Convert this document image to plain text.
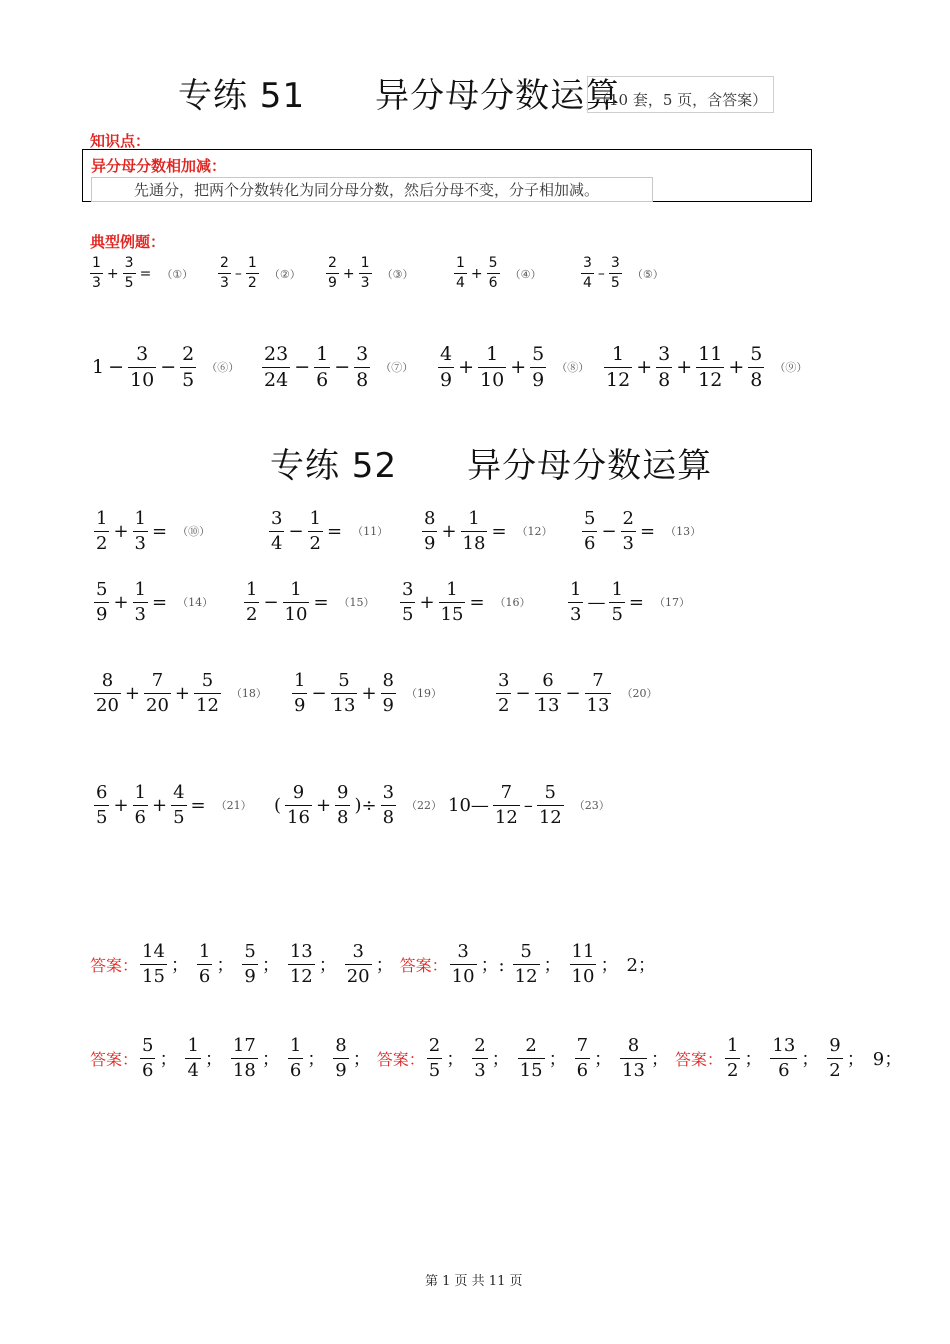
专练 51　　异分母分数运算
（10 套，5 页，含答案）
知识点：
异分母分数相加减：
先通分，把两个分数转化为同分母分数，然后分母不变，分子相加减。
典型例题：
$\frac{1}{3} + \frac{3}{5}$ = （①） $\frac{2}{3} - \frac{1}{2}$ （②） $\frac{2}{9} + \frac{1}{3}$ （③）	$\frac{1}{4} + \frac{5}{6}$ （④）	$\frac{3}{4} - \frac{3}{5}$ （⑤）
$1 - \frac{3}{10} - \frac{2}{5}$ （⑥） $\frac{23}{24} - \frac{1}{6} - \frac{3}{8}$ （⑦） $\frac{4}{9} + \frac{1}{10} + \frac{5}{9}$ （⑧） $\frac{1}{12} + \frac{3}{8} + \frac{11}{12} + \frac{5}{8}$ （⑨）
专练 52　　异分母分数运算
$\frac{1}{2} + \frac{1}{3}$ = （⑩）	$\frac{3}{4} - \frac{1}{2} = (11) \frac{8}{9} + \frac{1}{18} = (12) \frac{5}{6} - \frac{2}{3} = (13)$
$\frac{5}{9} + \frac{1}{3} = (14) \frac{1}{2} - \frac{1}{10} = (15) \frac{3}{5} + \frac{1}{15} = (16) \frac{1}{3}$ — $\frac{1}{5} = (17)$
$\frac{8}{20} + \frac{7}{20} + \frac{5}{12} (18) \frac{1}{9} - \frac{5}{13} + \frac{8}{9} (19)$	$\frac{3}{2} - \frac{6}{13} - \frac{7}{13} (20)$
$\frac{6}{5} + \frac{1}{6} + \frac{4}{5} = (21)$ ( $\frac{9}{16} + \frac{9}{8}$ )÷ $\frac{3}{8} (22)$ 10— $\frac{7}{12} - \frac{5}{12} (23)$
答案： $\frac{14}{15}$ ； $\frac{1}{6}$ ； $\frac{5}{9}$ ； $\frac{13}{12}$ ； $\frac{3}{20}$ ； 答案： $\frac{3}{10}$ ；: $\frac{5}{12}$ ； $\frac{11}{10}$ ； 2；
答案： $\frac{5}{6}$ ； $\frac{1}{4}$ ； $\frac{17}{18}$ ； $\frac{1}{6}$ ； $\frac{8}{9}$ ； 答案： $\frac{2}{5}$ ； $\frac{2}{3}$ ； $\frac{2}{15}$ ； $\frac{7}{6}$ ； $\frac{8}{13}$ ； 答案： $\frac{1}{2}$ ； $\frac{13}{6}$ ； $\frac{9}{2}$ ； 9；
第 1 页 共 11 页
